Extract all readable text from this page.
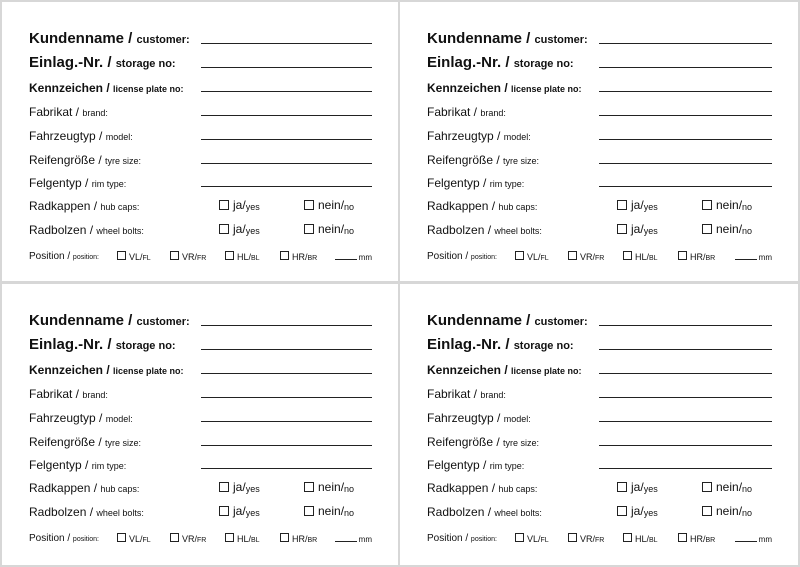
Kundenname / customer:
Einlag.-Nr. / storage no:
Kennzeichen / license plate no:
Fabrikat / brand:
Fahrzeugtyp / model:
Reifengröße / tyre size:
Felgentyp / rim type:
Radkappen / hub caps:	ja/ yes	nein/ no
Radbolzen / wheel bolts:	ja/ yes	nein/ no
Position / position:	VL/ FL	VR/ FR	HL/ BL	HR/ BR	mm
Kundenname / customer:
Einlag.-Nr. / storage no:
Kennzeichen / license plate no:
Fabrikat / brand:
Fahrzeugtyp / model:
Reifengröße / tyre size:
Felgentyp / rim type:
Radkappen / hub caps:	ja/ yes	nein/ no
Radbolzen / wheel bolts:	ja/ yes	nein/ no
Position / position:	VL/ FL	VR/ FR	HL/ BL	HR/ BR	mm
Kundenname / customer:
Einlag.-Nr. / storage no:
Kennzeichen / license plate no:
Fabrikat / brand:
Fahrzeugtyp / model:
Reifengröße / tyre size:
Felgentyp / rim type:
Radkappen / hub caps:	ja/ yes	nein/ no
Radbolzen / wheel bolts:	ja/ yes	nein/ no
Position / position:	VL/ FL	VR/ FR	HL/ BL	HR/ BR	mm
Kundenname / customer:
Einlag.-Nr. / storage no:
Kennzeichen / license plate no:
Fabrikat / brand:
Fahrzeugtyp / model:
Reifengröße / tyre size:
Felgentyp / rim type:
Radkappen / hub caps:	ja/ yes	nein/ no
Radbolzen / wheel bolts:	ja/ yes	nein/ no
Position / position:	VL/ FL	VR/ FR	HL/ BL	HR/ BR	mm
